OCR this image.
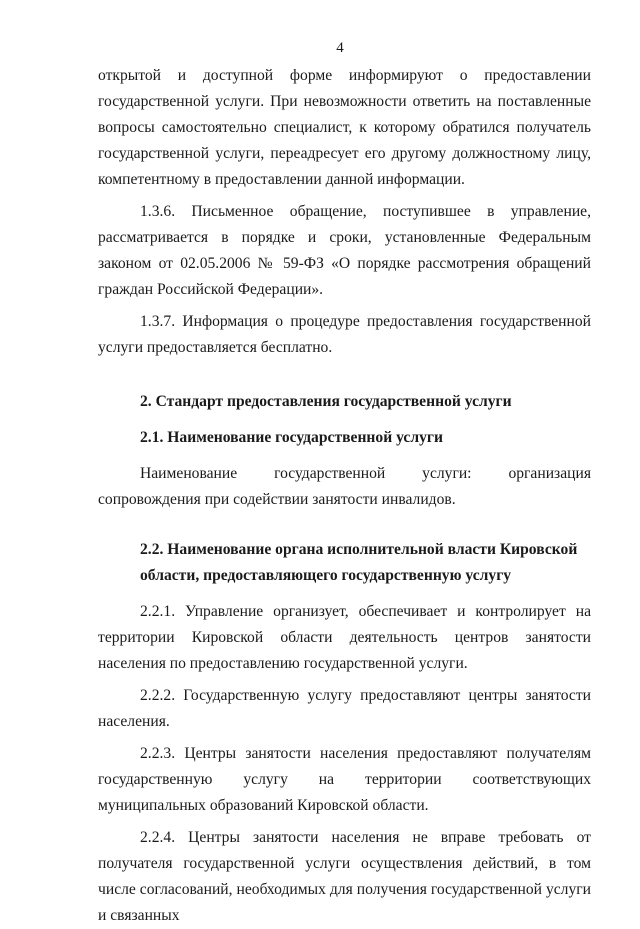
4

открытой и доступной форме информируют о предоставлении государственной услуги. При невозможности ответить на поставленные вопросы самостоятельно специалист, к которому обратился получатель государственной услуги, переадресует его другому должностному лицу, компетентному в предоставлении данной информации.

1.3.6. Письменное обращение, поступившее в управление, рассматривается в порядке и сроки, установленные Федеральным законом от 02.05.2006 № 59-ФЗ «О порядке рассмотрения обращений граждан Российской Федерации».

1.3.7. Информация о процедуре предоставления государственной услуги предоставляется бесплатно.

2. Стандарт предоставления государственной услуги
2.1. Наименование государственной услуги

Наименование государственной услуги: организация сопровождения при содействии занятости инвалидов.

2.2. Наименование органа исполнительной власти Кировской
области, предоставляющего государственную услугу

2.2.1. Управление организует, обеспечивает и контролирует на территории Кировской области деятельность центров занятости населения по предоставлению государственной услуги.

2.2.2. Государственную услугу предоставляют центры занятости населения.

2.2.3. Центры занятости населения предоставляют получателям государственную услугу на территории соответствующих муниципальных образований Кировской области.

2.2.4. Центры занятости населения не вправе требовать от получателя государственной услуги осуществления действий, в том числе согласований, необходимых для получения государственной услуги и связанных
